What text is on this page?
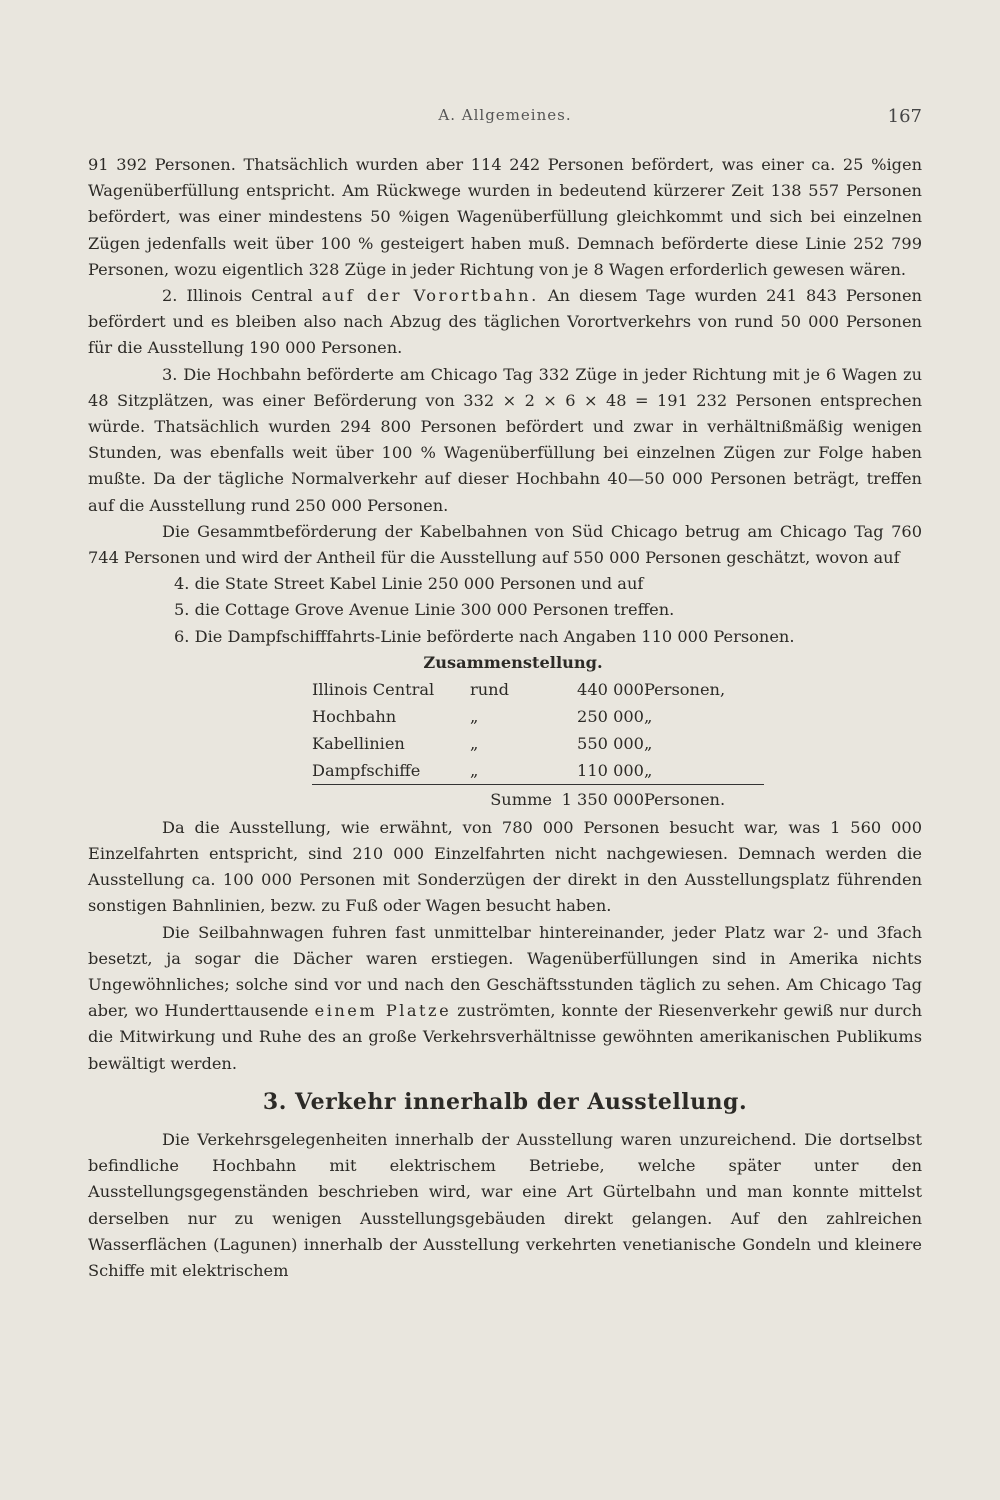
A. Allgemeines.	167

91 392 Personen. Thatsächlich wurden aber 114 242 Personen befördert, was einer ca. 25 %igen Wagenüberfüllung entspricht. Am Rückwege wurden in bedeutend kürzerer Zeit 138 557 Personen befördert, was einer mindestens 50 %igen Wagenüberfüllung gleichkommt und sich bei einzelnen Zügen jedenfalls weit über 100 % gesteigert haben muß. Demnach beförderte diese Linie 252 799 Personen, wozu eigentlich 328 Züge in jeder Richtung von je 8 Wagen erforderlich gewesen wären.

2. Illinois Central auf der Vorortbahn. An diesem Tage wurden 241 843 Personen befördert und es bleiben also nach Abzug des täglichen Vorortverkehrs von rund 50 000 Personen für die Ausstellung 190 000 Personen.

3. Die Hochbahn beförderte am Chicago Tag 332 Züge in jeder Richtung mit je 6 Wagen zu 48 Sitzplätzen, was einer Beförderung von 332 × 2 × 6 × 48 = 191 232 Personen entsprechen würde. Thatsächlich wurden 294 800 Personen befördert und zwar in verhältnißmäßig wenigen Stunden, was ebenfalls weit über 100 % Wagenüberfüllung bei einzelnen Zügen zur Folge haben mußte. Da der tägliche Normalverkehr auf dieser Hochbahn 40—50 000 Personen beträgt, treffen auf die Ausstellung rund 250 000 Personen.

Die Gesammtbeförderung der Kabelbahnen von Süd Chicago betrug am Chicago Tag 760 744 Personen und wird der Antheil für die Ausstellung auf 550 000 Personen geschätzt, wovon auf

4. die State Street Kabel Linie 250 000 Personen und auf
5. die Cottage Grove Avenue Linie 300 000 Personen treffen.
6. Die Dampfschifffahrts-Linie beförderte nach Angaben 110 000 Personen.
Zusammenstellung.
Illinois Central	rund	440 000	Personen,
Hochbahn	„	250 000	„
Kabellinien	„	550 000	„
Dampfschiffe	„	110 000	„
	Summe	1 350 000	Personen.

Da die Ausstellung, wie erwähnt, von 780 000 Personen besucht war, was 1 560 000 Einzelfahrten entspricht, sind 210 000 Einzelfahrten nicht nachgewiesen. Demnach werden die Ausstellung ca. 100 000 Personen mit Sonderzügen der direkt in den Ausstellungsplatz führenden sonstigen Bahnlinien, bezw. zu Fuß oder Wagen besucht haben.

Die Seilbahnwagen fuhren fast unmittelbar hintereinander, jeder Platz war 2- und 3fach besetzt, ja sogar die Dächer waren erstiegen. Wagenüberfüllungen sind in Amerika nichts Ungewöhnliches; solche sind vor und nach den Geschäftsstunden täglich zu sehen. Am Chicago Tag aber, wo Hunderttausende einem Platze zuströmten, konnte der Riesenverkehr gewiß nur durch die Mitwirkung und Ruhe des an große Verkehrsverhältnisse gewöhnten amerikanischen Publikums bewältigt werden.

3. Verkehr innerhalb der Ausstellung.

Die Verkehrsgelegenheiten innerhalb der Ausstellung waren unzureichend. Die dortselbst befindliche Hochbahn mit elektrischem Betriebe, welche später unter den Ausstellungsgegenständen beschrieben wird, war eine Art Gürtelbahn und man konnte mittelst derselben nur zu wenigen Ausstellungsgebäuden direkt gelangen. Auf den zahlreichen Wasserflächen (Lagunen) innerhalb der Ausstellung verkehrten venetianische Gondeln und kleinere Schiffe mit elektrischem
